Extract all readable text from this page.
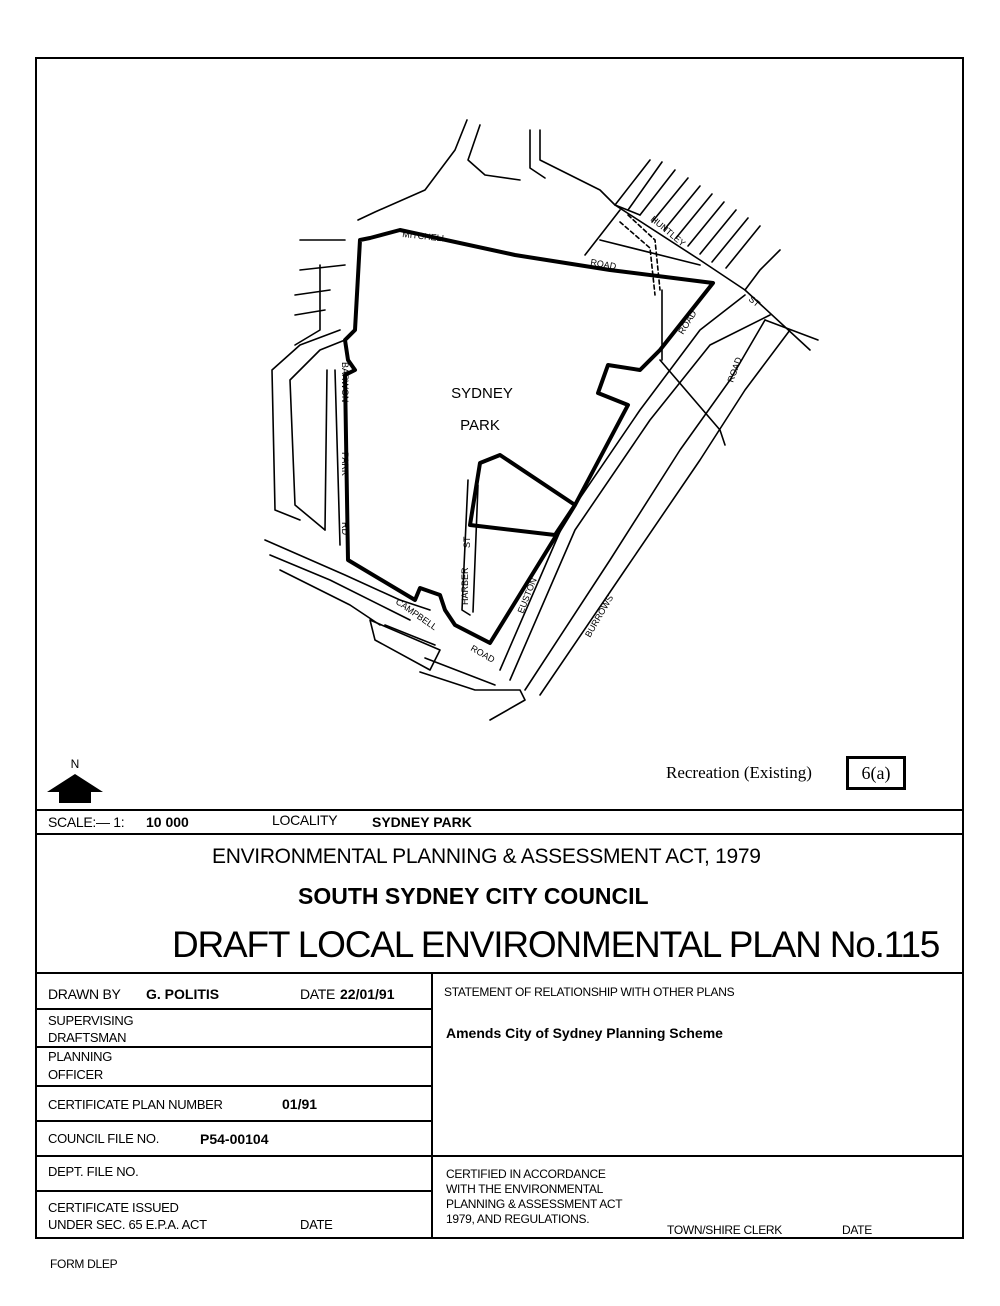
SYDNEY
PARK
MITCHELL
ROAD
HUNTLEY
ST
ROAD
ROAD
BARWON
PARK
RD
HARBER
ST
EUSTON	BURROWS
CAMPBELL
ROAD
N	Recreation (Existing)	6(a)
SCALE:— 1: 10 000	LOCALITY SYDNEY PARK
ENVIRONMENTAL PLANNING & ASSESSMENT ACT, 1979
SOUTH SYDNEY CITY COUNCIL
DRAFT LOCAL ENVIRONMENTAL PLAN No.115
DRAWN BY G. POLITIS	DATE 22/01/91
SUPERVISING
DRAFTSMAN
PLANNING
OFFICER
CERTIFICATE PLAN NUMBER	01/91
COUNCIL FILE NO.	P54-00104
DEPT. FILE NO.
CERTIFICATE ISSUED
UNDER SEC. 65 E.P.A. ACT	DATE
STATEMENT OF RELATIONSHIP WITH OTHER PLANS
Amends City of Sydney Planning Scheme
CERTIFIED IN ACCORDANCE
WITH THE ENVIRONMENTAL
PLANNING & ASSESSMENT ACT
1979, AND REGULATIONS.
TOWN/SHIRE CLERK	DATE
FORM DLEP
